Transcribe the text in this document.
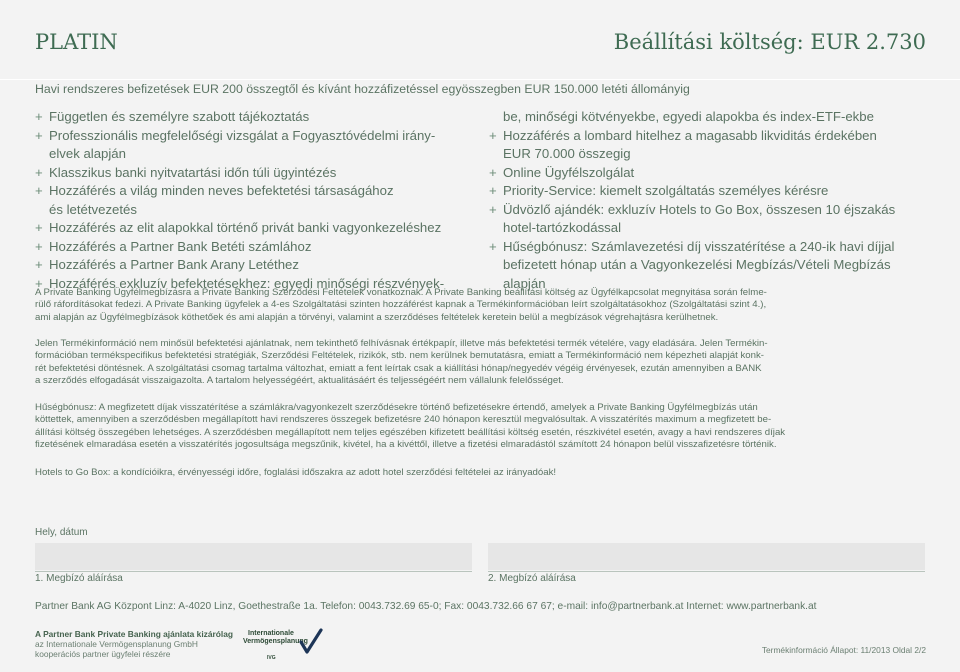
PLATIN	Beállítási költség: EUR 2.730
Havi rendszeres befizetések EUR 200 összegtől és kívánt hozzáfizetéssel egyösszegben EUR 150.000 letéti állományig
+ Független és személyre szabott tájékoztatás
+ Professzionális megfelelőségi vizsgálat a Fogyasztóvédelmi irány-
elvek alapján
+ Klasszikus banki nyitvatartási időn túli ügyintézés
+ Hozzáférés a világ minden neves befektetési társaságához
és letétvezetés
+ Hozzáférés az elit alapokkal történő privát banki vagyonkezeléshez
+ Hozzáférés a Partner Bank Betéti számlához
+ Hozzáférés a Partner Bank Arany Letéthez
+ Hozzáférés exkluzív befektetésekhez: egyedi minőségi részvények-
be, minőségi kötvényekbe, egyedi alapokba és index-ETF-ekbe
+ Hozzáférés a lombard hitelhez a magasabb likviditás érdekében
EUR 70.000 összegig
+ Online Ügyfélszolgálat
+ Priority-Service: kiemelt szolgáltatás személyes kérésre
+ Üdvözlő ajándék: exkluzív Hotels to Go Box, összesen 10 éjszakás
hotel-tartózkodással
+ Hűségbónusz: Számlavezetési díj visszatérítése a 240-ik havi díjjal
befizetett hónap után a Vagyonkezelési Megbízás/Vételi Megbízás
alapján
A Private Banking Ügyfélmegbízásra a Private Banking Szerződési Feltételek vonatkoznak. A Private Banking beállítási költség az Ügyfélkapcsolat megnyitása során felme-
rülő ráfordításokat fedezi. A Private Banking ügyfelek a 4-es Szolgáltatási szinten hozzáférést kapnak a Termékinformációban leírt szolgáltatásokhoz (Szolgáltatási szint 4.),
ami alapján az Ügyfélmegbízások köthetőek és ami alapján a törvényi, valamint a szerződéses feltételek keretein belül a megbízások végrehajtásra kerülhetnek.
Jelen Termékinformáció nem minősül befektetési ajánlatnak, nem tekinthető felhívásnak értékpapír, illetve más befektetési termék vételére, vagy eladására. Jelen Termékin-
formációban termékspecifikus befektetési stratégiák, Szerződési Feltételek, rizikók, stb. nem kerülnek bemutatásra, emiatt a Termékinformáció nem képezheti alapját konk-
rét befektetési döntésnek. A szolgáltatási csomag tartalma változhat, emiatt a fent leírtak csak a kiállítási hónap/negyedév végéig érvényesek, ezután amennyiben a BANK
a szerződés elfogadását visszaigazolta. A tartalom helyességéért, aktualitásáért és teljességéért nem vállalunk felelősséget.
Hűségbónusz: A megfizetett díjak visszatérítése a számlákra/vagyonkezelt szerződésekre történő befizetésekre értendő, amelyek a Private Banking Ügyfélmegbízás után
köttettek, amennyiben a szerződésben megállapított havi rendszeres összegek befizetésre 240 hónapon keresztül megvalósultak. A visszatérítés maximum a megfizetett be-
állítási költség összegében lehetséges. A szerződésben megállapított nem teljes egészében kifizetett beállítási költség esetén, részkivétel esetén, avagy a havi rendszeres díjak
fizetésének elmaradása esetén a visszatérítés jogosultsága megszűnik, kivétel, ha a kivéttől, illetve a fizetési elmaradástól számított 24 hónapon belül visszafizetésre történik.
Hotels to Go Box: a kondícióikra, érvényességi időre, foglalási időszakra az adott hotel szerződési feltételei az irányadóak!
Hely, dátum
1. Megbízó aláírása	2. Megbízó aláírása
Partner Bank AG Központ Linz: A-4020 Linz, Goethestraße 1a. Telefon: 0043.732.69 65-0; Fax: 0043.732.66 67 67; e-mail: info@partnerbank.at Internet: www.partnerbank.at
A Partner Bank Private Banking ajánlata kizárólag
az Internationale Vermögensplanung GmbH
kooperációs partner ügyfelei részére
Internationale
Vermögensplanung
IVG
Termékinformáció Állapot: 11/2013 Oldal 2/2
